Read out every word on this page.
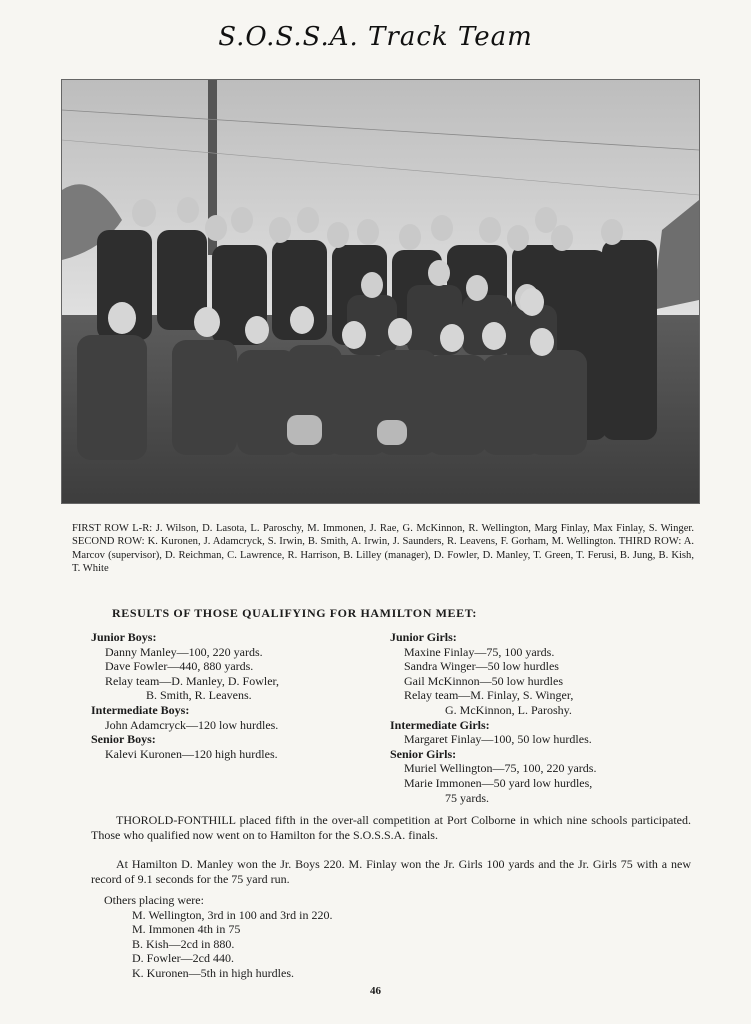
S.O.S.S.A. Track Team
FIRST ROW L-R: J. Wilson, D. Lasota, L. Paroschy, M. Immonen, J. Rae, G. McKinnon, R. Wellington, Marg Finlay, Max Finlay, S. Winger. SECOND ROW: K. Kuronen, J. Adamcryck, S. Irwin, B. Smith, A. Irwin, J. Saunders, R. Leavens, F. Gorham, M. Wellington. THIRD ROW: A. Marcov (supervisor), D. Reichman, C. Lawrence, R. Harrison, B. Lilley (manager), D. Fowler, D. Manley, T. Green, T. Ferusi, B. Jung, B. Kish, T. White
RESULTS OF THOSE QUALIFYING FOR HAMILTON MEET:
Junior Boys:
Danny Manley—100, 220 yards.
Dave Fowler—440, 880 yards.
Relay team—D. Manley, D. Fowler,
B. Smith, R. Leavens.
Intermediate Boys:
John Adamcryck—120 low hurdles.
Senior Boys:
Kalevi Kuronen—120 high hurdles.
Junior Girls:
Maxine Finlay—75, 100 yards.
Sandra Winger—50 low hurdles
Gail McKinnon—50 low hurdles
Relay team—M. Finlay, S. Winger,
G. McKinnon, L. Paroshy.
Intermediate Girls:
Margaret Finlay—100, 50 low hurdles.
Senior Girls:
Muriel Wellington—75, 100, 220 yards.
Marie Immonen—50 yard low hurdles,
75 yards.
THOROLD-FONTHILL placed fifth in the over-all competition at Port Colborne in which nine schools participated. Those who qualified now went on to Hamilton for the S.O.S.S.A. finals.
At Hamilton D. Manley won the Jr. Boys 220. M. Finlay won the Jr. Girls 100 yards and the Jr. Girls 75 with a new record of 9.1 seconds for the 75 yard run.
Others placing were:
M. Wellington, 3rd in 100 and 3rd in 220.
M. Immonen 4th in 75
B. Kish—2cd in 880.
D. Fowler—2cd 440.
K. Kuronen—5th in high hurdles.
46
